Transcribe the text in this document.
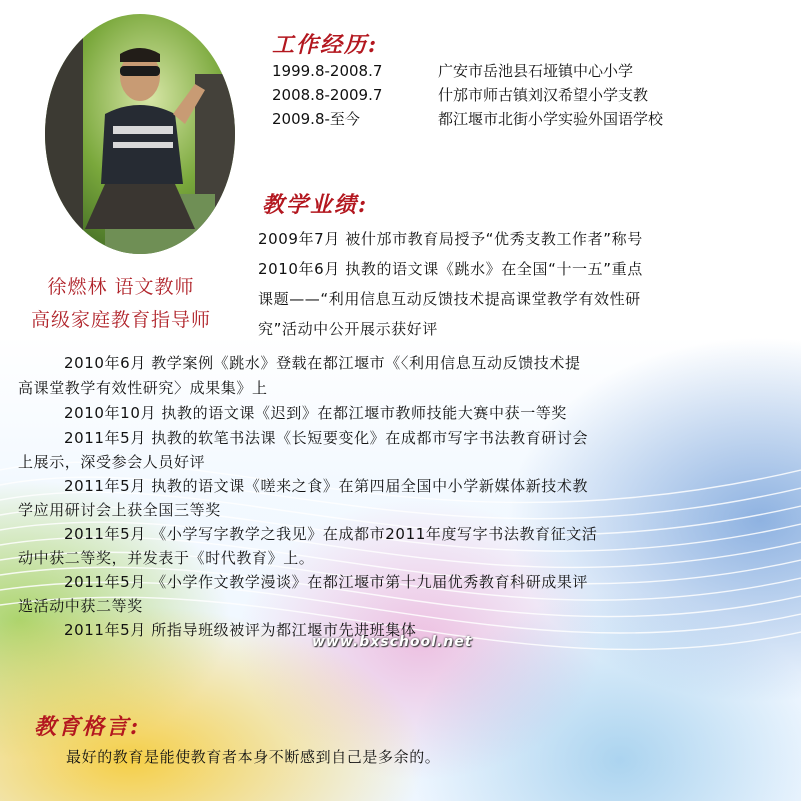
徐燃林 语文教师
高级家庭教育指导师
工作经历:
1999.8-2008.7	广安市岳池县石垭镇中心小学
2008.8-2009.7	什邡市师古镇刘汉希望小学支教
2009.8-至今	都江堰市北街小学实验外国语学校
教学业绩:
2009年7月 被什邡市教育局授予“优秀支教工作者”称号
2010年6月 执教的语文课《跳水》在全国“十一五”重点
课题——“利用信息互动反馈技术提高课堂教学有效性研
究”活动中公开展示获好评
2010年6月 教学案例《跳水》登载在都江堰市《〈利用信息互动反馈技术提
高课堂教学有效性研究〉成果集》上
2010年10月 执教的语文课《迟到》在都江堰市教师技能大赛中获一等奖
2011年5月 执教的软笔书法课《长短要变化》在成都市写字书法教育研讨会
上展示，深受参会人员好评
2011年5月 执教的语文课《嗟来之食》在第四届全国中小学新媒体新技术教
学应用研讨会上获全国三等奖
2011年5月 《小学写字教学之我见》在成都市2011年度写字书法教育征文活
动中获二等奖，并发表于《时代教育》上。
2011年5月 《小学作文教学漫谈》在都江堰市第十九届优秀教育科研成果评
选活动中获二等奖
2011年5月 所指导班级被评为都江堰市先进班集体
www.bxschool.net
教育格言:
最好的教育是能使教育者本身不断感到自己是多余的。
